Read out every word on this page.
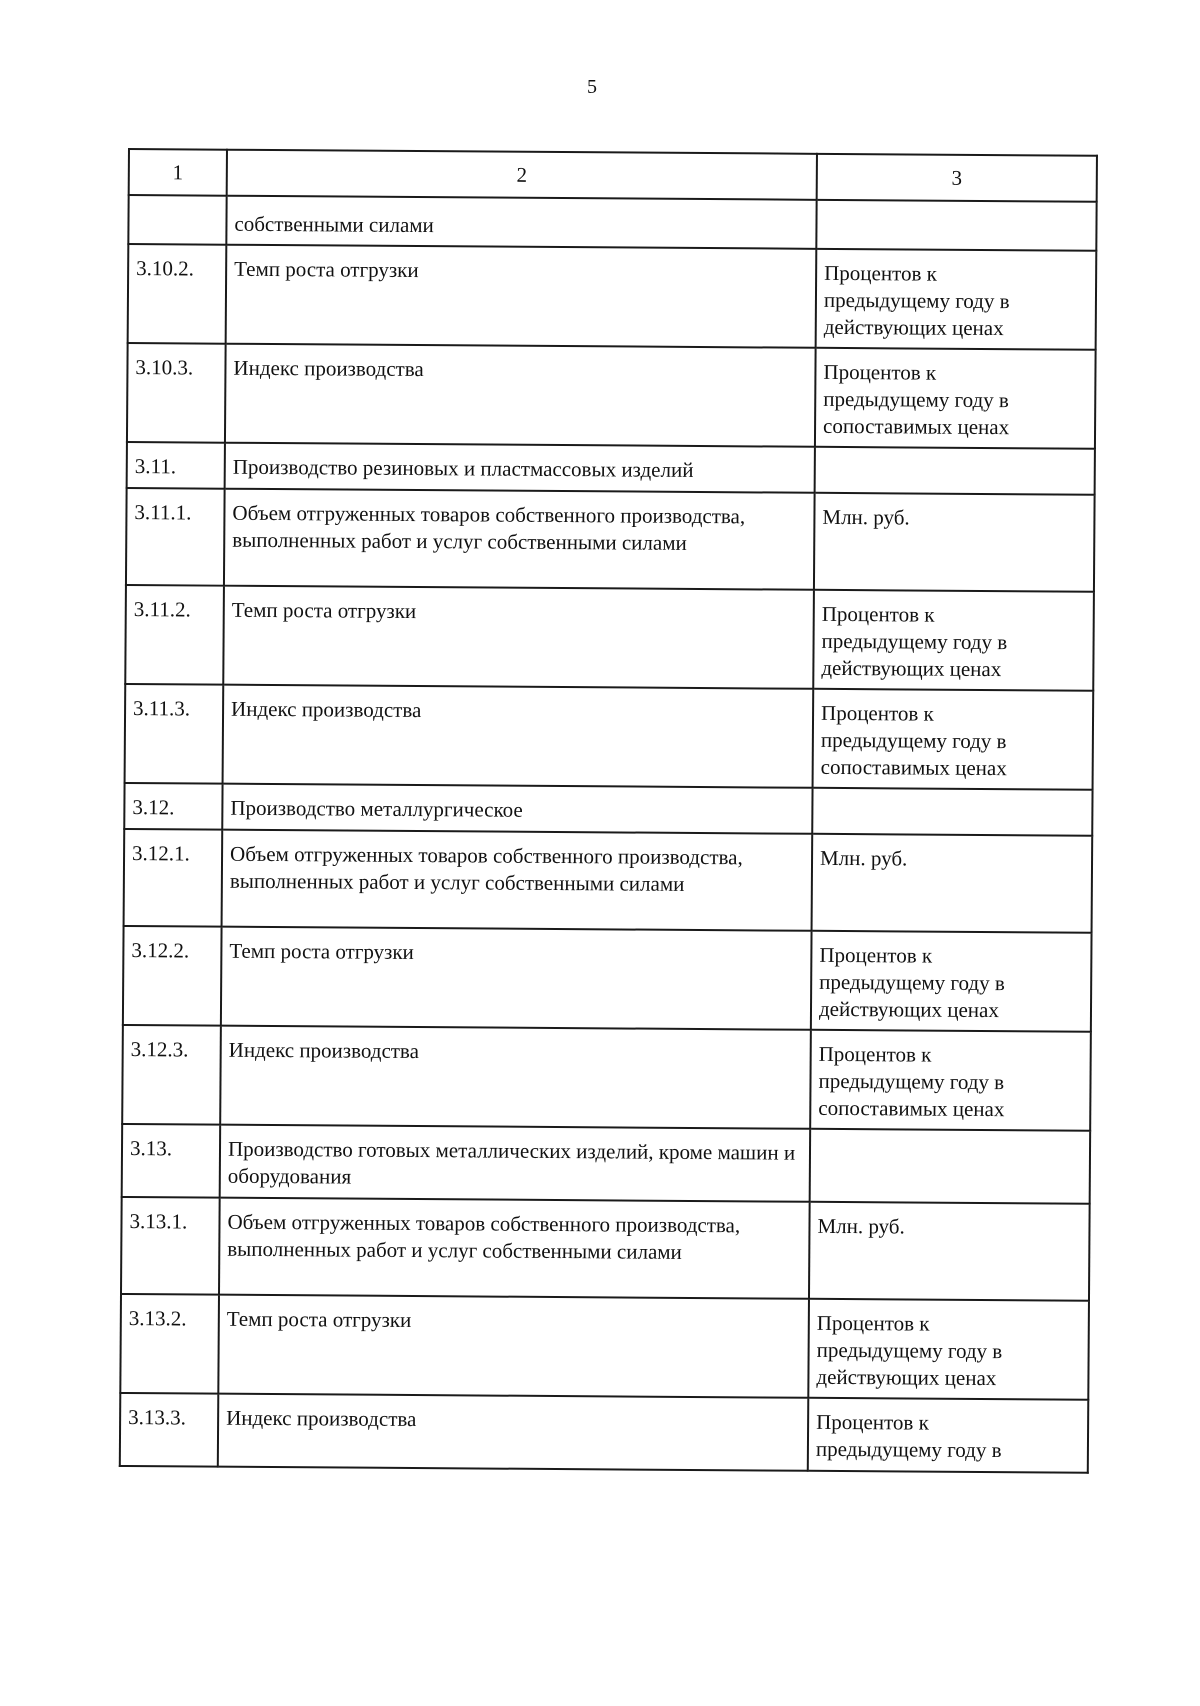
5
1	2	3
	собственными силами	
3.10.2.	Темп роста отгрузки	Процентов к
предыдущему году в
действующих ценах

3.10.3.	Индекс производства	Процентов к
предыдущему году в
сопоставимых ценах

3.11.	Производство резиновых и пластмассовых изделий	
3.11.1.	Объем отгруженных товаров собственного производства, выполненных работ и услуг собственными силами	Млн. руб.

3.11.2.	Темп роста отгрузки	Процентов к
предыдущему году в
действующих ценах

3.11.3.	Индекс производства	Процентов к
предыдущему году в
сопоставимых ценах

3.12.	Производство металлургическое	
3.12.1.	Объем отгруженных товаров собственного производства, выполненных работ и услуг собственными силами	Млн. руб.

3.12.2.	Темп роста отгрузки	Процентов к
предыдущему году в
действующих ценах

3.12.3.	Индекс производства	Процентов к
предыдущему году в
сопоставимых ценах

3.13.	Производство готовых металлических изделий, кроме машин и оборудования	
3.13.1.	Объем отгруженных товаров собственного производства, выполненных работ и услуг собственными силами	Млн. руб.

3.13.2.	Темп роста отгрузки	Процентов к
предыдущему году в
действующих ценах

3.13.3.	Индекс производства	Процентов к
предыдущему году в
